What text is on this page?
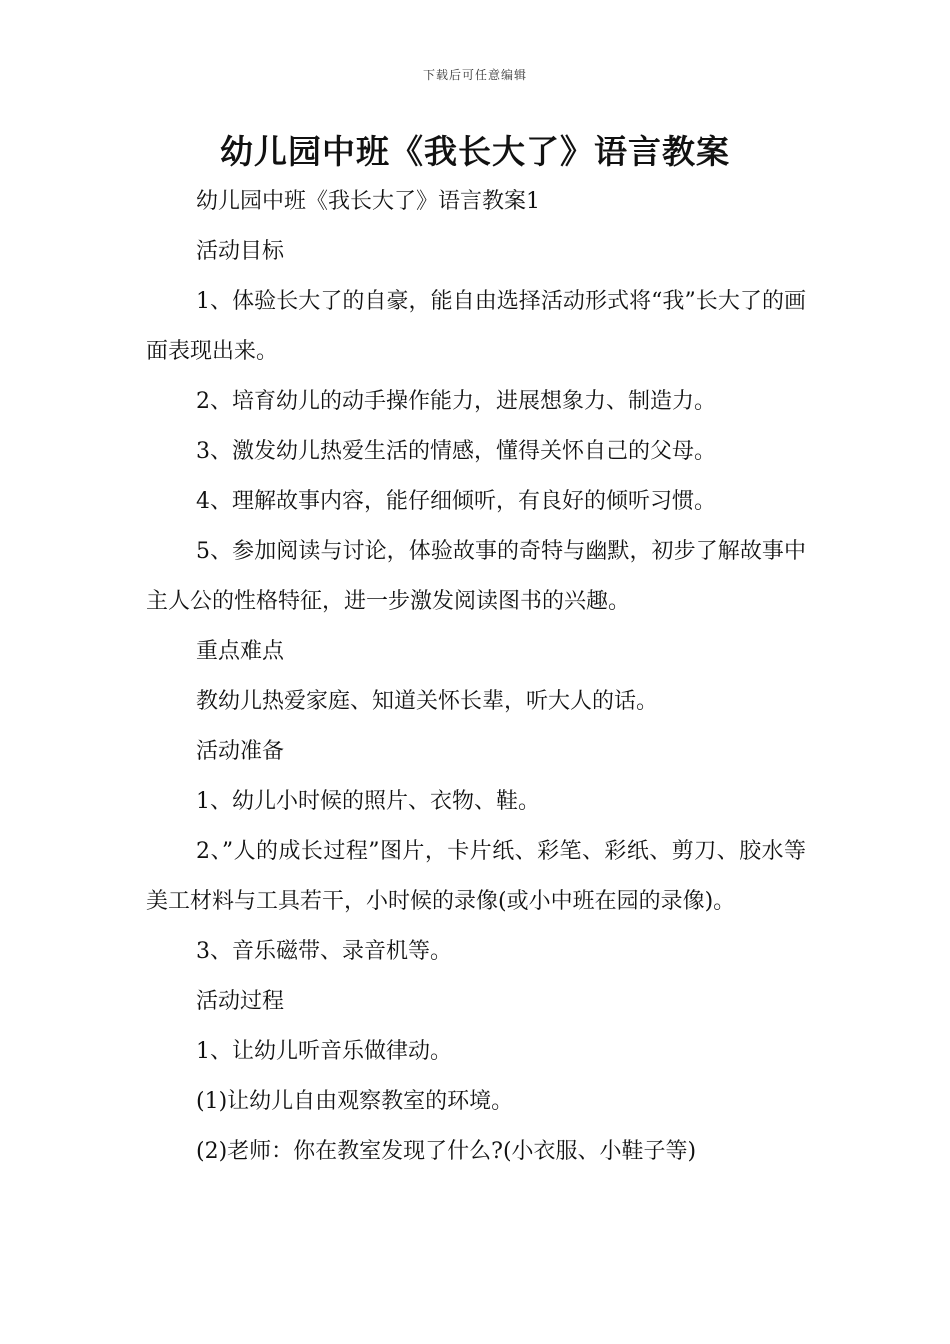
下载后可任意编辑
幼儿园中班《我长大了》语言教案

幼儿园中班《我长大了》语言教案1

活动目标

1、体验长大了的自豪，能自由选择活动形式将“我”长大了的画面表现出来。

2、培育幼儿的动手操作能力，进展想象力、制造力。

3、激发幼儿热爱生活的情感，懂得关怀自己的父母。

4、理解故事内容，能仔细倾听，有良好的倾听习惯。

5、参加阅读与讨论，体验故事的奇特与幽默，初步了解故事中主人公的性格特征，进一步激发阅读图书的兴趣。

重点难点

教幼儿热爱家庭、知道关怀长辈，听大人的话。

活动准备

1、幼儿小时候的照片、衣物、鞋。

2、”人的成长过程”图片，卡片纸、彩笔、彩纸、剪刀、胶水等美工材料与工具若干，小时候的录像(或小中班在园的录像)。

3、音乐磁带、录音机等。

活动过程

1、让幼儿听音乐做律动。

(1)让幼儿自由观察教室的环境。

(2)老师：你在教室发现了什么?(小衣服、小鞋子等)
